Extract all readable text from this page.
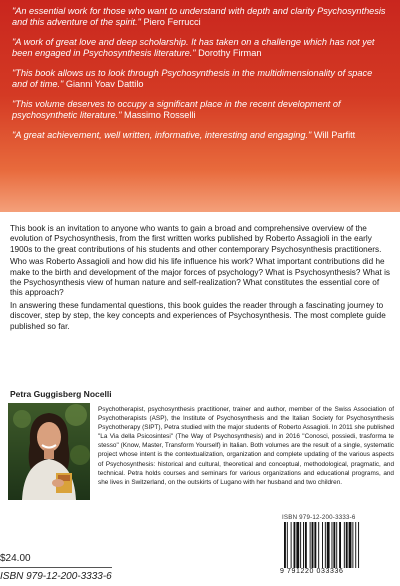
"An essential work for those who want to understand with depth and clarity Psychosynthesis and this adventure of the spirit." Piero Ferrucci

"A work of great love and deep scholarship. It has taken on a challenge which has not yet been engaged in Psychosynthesis literature." Dorothy Firman

"This book allows us to look through Psychosynthesis in the multidimensionality of space and of time." Gianni Yoav Dattilo

"This volume deserves to occupy a significant place in the recent development of psychosynthetic literature." Massimo Rosselli

"A great achievement, well written, informative, interesting and engaging." Will Parfitt

This book is an invitation to anyone who wants to gain a broad and comprehensive overview of the evolution of Psychosynthesis, from the first written works published by Roberto Assagioli in the early 1900s to the great contributions of his students and other contemporary Psychosynthesis practitioners.

Who was Roberto Assagioli and how did his life influence his work? What important contributions did he make to the birth and development of the major forces of psychology? What is Psychosynthesis? What is the Psychosynthesis view of human nature and self-realization? What constitutes the essential core of this approach?

In answering these fundamental questions, this book guides the reader through a fascinating journey to discover, step by step, the key concepts and experiences of Psychosynthesis. The most complete guide published so far.

Petra Guggisberg Nocelli
Psychotherapist, psychosynthesis practitioner, trainer and author, member of the Swiss Association of Psychotherapists (ASP), the Institute of Psychosynthesis and the Italian Society for Psychosynthesis Psychotherapy (SIPT), Petra studied with the major students of Roberto Assagioli. In 2011 she published "La Via della Psicosintesi" (The Way of Psychosynthesis) and in 2016 "Conosci, possiedi, trasforma te stesso" (Know, Master, Transform Yourself) in Italian. Both volumes are the result of a single, systematic project whose intent is the contextualization, organization and complete updating of the various aspects of Psychosynthesis: historical and cultural, theoretical and conceptual, methodological, pragmatic, and technical. Petra holds courses and seminars for various organizations and educational programs, and she lives in Switzerland, on the outskirts of Lugano with her husband and two children.
ISBN 979-12-200-3333-6
9 791220 033336
$24.00
ISBN 979-12-200-3333-6
